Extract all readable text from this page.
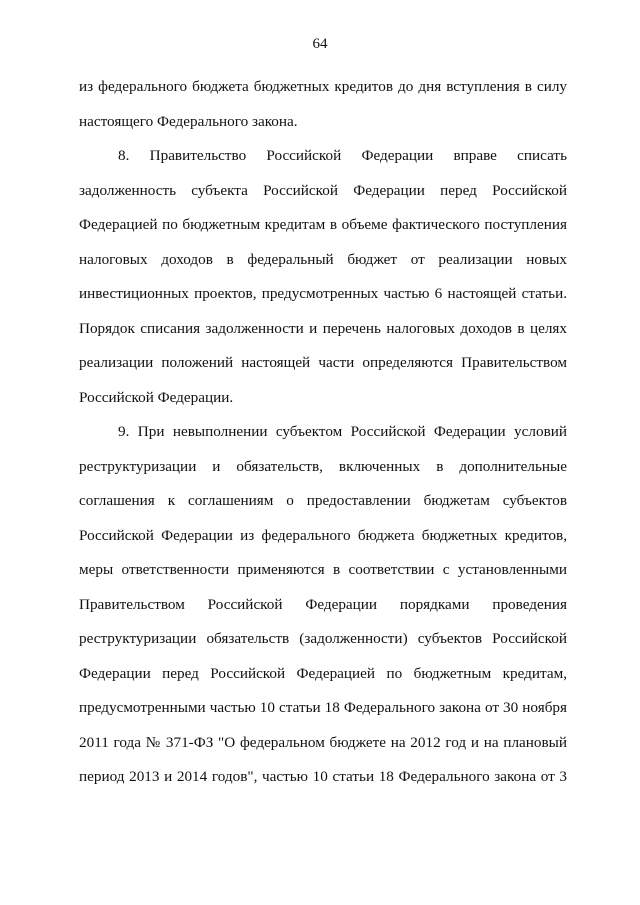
64
из федерального бюджета бюджетных кредитов до дня вступления в силу
настоящего Федерального закона.
8. Правительство Российской Федерации вправе списать
задолженность субъекта Российской Федерации перед Российской
Федерацией по бюджетным кредитам в объеме фактического поступления
налоговых доходов в федеральный бюджет от реализации новых
инвестиционных проектов, предусмотренных частью 6 настоящей статьи.
Порядок списания задолженности и перечень налоговых доходов в целях
реализации положений настоящей части определяются Правительством
Российской Федерации.
9. При невыполнении субъектом Российской Федерации условий
реструктуризации и обязательств, включенных в дополнительные
соглашения к соглашениям о предоставлении бюджетам субъектов
Российской Федерации из федерального бюджета бюджетных кредитов,
меры ответственности применяются в соответствии с установленными
Правительством Российской Федерации порядками проведения
реструктуризации обязательств (задолженности) субъектов Российской
Федерации перед Российской Федерацией по бюджетным кредитам,
предусмотренными частью 10 статьи 18 Федерального закона от 30 ноября
2011 года № 371-ФЗ "О федеральном бюджете на 2012 год и на плановый
период 2013 и 2014 годов", частью 10 статьи 18 Федерального закона от 3
